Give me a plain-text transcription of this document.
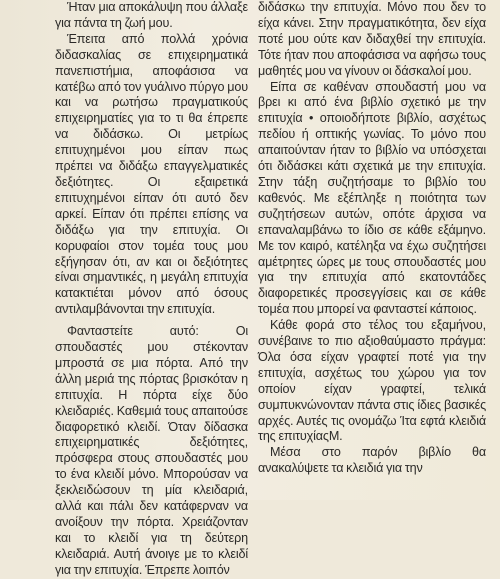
Ήταν μια αποκάλυψη που άλλαξε για πάντα τη ζωή μου.

Έπειτα από πολλά χρόνια διδασκαλίας σε επιχειρηματικά πανεπιστήμια, αποφάσισα να κατέβω από τον γυάλινο πύργο μου και να ρωτήσω πραγματικούς επιχειρηματίες για το τι θα έπρεπε να διδάσκω. Οι μετρίως επιτυχημένοι μου είπαν πως πρέπει να διδάξω επαγγελματικές δεξιότητες. Οι εξαιρετικά επιτυχημένοι είπαν ότι αυτό δεν αρκεί. Είπαν ότι πρέπει επίσης να διδάξω για την επιτυχία. Οι κορυφαίοι στον τομέα τους μου εξήγησαν ότι, αν και οι δεξιότητες είναι σημαντικές, η μεγάλη επιτυχία κατακτιέται μόνον από όσους αντιλαμβάνονται την επιτυχία.

Φανταστείτε αυτό: Οι σπουδαστές μου στέκονταν μπροστά σε μια πόρτα. Από την άλλη μεριά της πόρτας βρισκόταν η επιτυχία. Η πόρτα είχε δύο κλειδαριές. Καθεμιά τους απαιτούσε διαφορετικό κλειδί. Όταν δίδασκα επιχειρηματικές δεξιότητες, πρόσφερα στους σπουδαστές μου το ένα κλειδί μόνο. Μπορούσαν να ξεκλειδώσουν τη μία κλειδαριά, αλλά και πάλι δεν κατάφερναν να ανοίξουν την πόρτα. Χρειάζονταν και το κλειδί για τη δεύτερη κλειδαριά. Αυτή άνοιγε με το κλειδί για την επιτυχία. Έπρεπε λοιπόν

διδάσκω την επιτυχία. Μόνο που δεν το είχα κάνει. Στην πραγματικότητα, δεν είχα ποτέ μου ούτε καν διδαχθεί την επιτυχία. Τότε ήταν που αποφάσισα να αφήσω τους μαθητές μου να γίνουν οι δάσκαλοί μου.

Είπα σε καθέναν σπουδαστή μου να βρει κι από ένα βιβλίο σχετικό με την επιτυχία • οποιοδήποτε βιβλίο, ασχέτως πεδίου ή οπτικής γωνίας. Το μόνο που απαιτούνταν ήταν το βιβλίο να υπόσχεται ότι διδάσκει κάτι σχετικά με την επιτυχία. Στην τάξη συζητήσαμε το βιβλίο του καθενός. Με εξέπληξε η ποιότητα των συζητήσεων αυτών, οπότε άρχισα να επαναλαμβάνω το ίδιο σε κάθε εξάμηνο. Με τον καιρό, κατέληξα να έχω συζητήσει αμέτρητες ώρες με τους σπουδαστές μου για την επιτυχία από εκατοντάδες διαφορετικές προσεγγίσεις και σε κάθε τομέα που μπορεί να φανταστεί κάποιος.

Κάθε φορά στο τέλος του εξαμήνου, συνέβαινε το πιο αξιοθαύμαστο πράγμα: Όλα όσα είχαν γραφτεί ποτέ για την επιτυχία, ασχέτως του χώρου για τον οποίον είχαν γραφτεί, τελικά συμπυκνώνονταν πάντα στις ίδιες βασικές αρχές. Αυτές τις ονομάζω Ίτα εφτά κλειδιά της επιτυχίαςΜ.

Μέσα στο παρόν βιβλίο θα ανακαλύψετε τα κλειδιά για την
